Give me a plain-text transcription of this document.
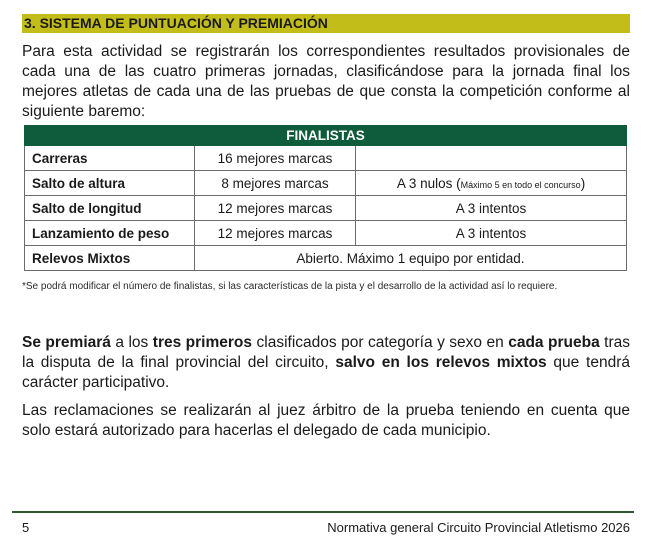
3. SISTEMA DE PUNTUACIÓN Y PREMIACIÓN
Para esta actividad se registrarán los correspondientes resultados provisionales de cada una de las cuatro primeras jornadas, clasificándose para la jornada final los mejores atletas de cada una de las pruebas de que consta la competición conforme al siguiente baremo:
FINALISTAS		
Carreras	16 mejores marcas	
Salto de altura	8 mejores marcas	A 3 nulos (Máximo 5 en todo el concurso)
Salto de longitud	12 mejores marcas	A 3 intentos
Lanzamiento de peso	12 mejores marcas	A 3 intentos
Relevos Mixtos	Abierto. Máximo 1 equipo por entidad.	
*Se podrá modificar el número de finalistas, si las características de la pista y el desarrollo de la actividad así lo requiere.
Se premiará a los tres primeros clasificados por categoría y sexo en cada prueba tras la disputa de la final provincial del circuito, salvo en los relevos mixtos que tendrá carácter participativo.
Las reclamaciones se realizarán al juez árbitro de la prueba teniendo en cuenta que solo estará autorizado para hacerlas el delegado de cada municipio.
5	Normativa general Circuito Provincial Atletismo 2026
